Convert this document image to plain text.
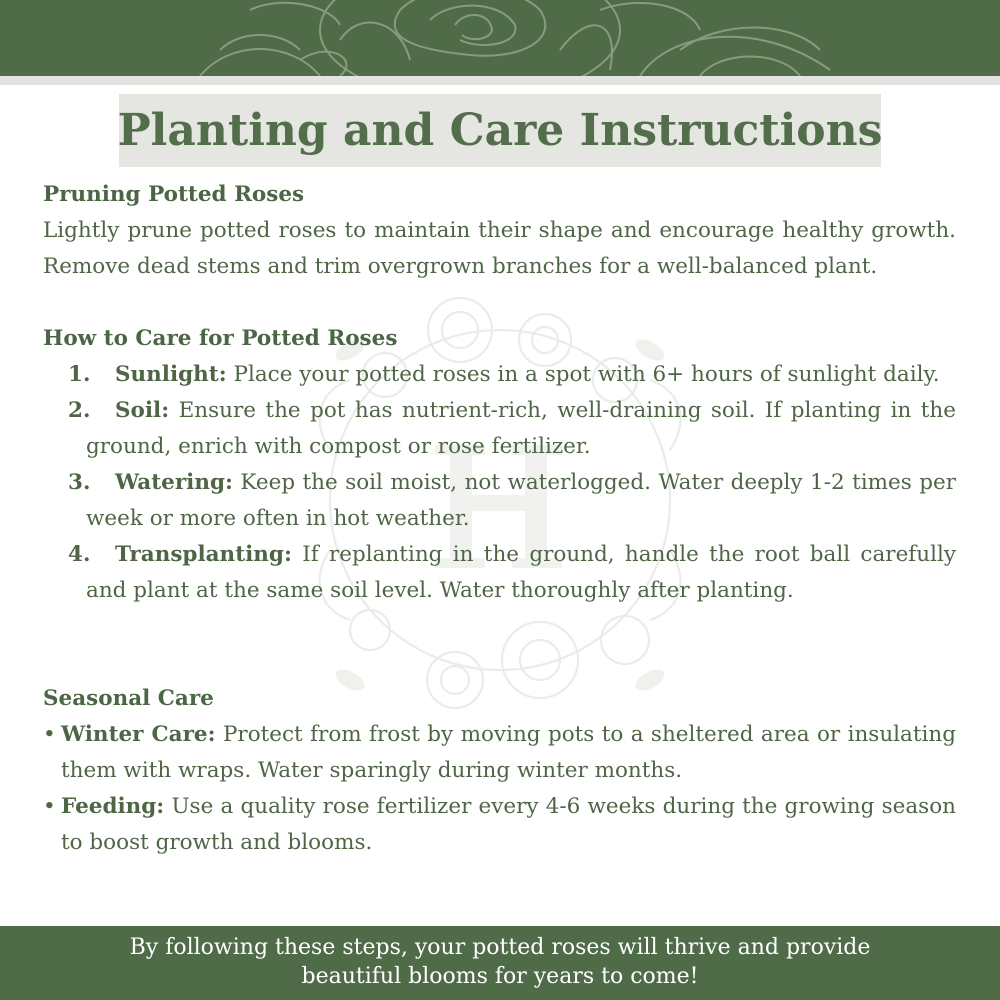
Planting and Care Instructions
Pruning Potted Roses

Lightly prune potted roses to maintain their shape and encourage healthy growth. Remove dead stems and trim overgrown branches for a well-balanced plant.

How to Care for Potted Roses
1. Sunlight: Place your potted roses in a spot with 6+ hours of sunlight daily.
2. Soil: Ensure the pot has nutrient-rich, well-draining soil. If planting in the ground, enrich with compost or rose fertilizer.
3. Watering: Keep the soil moist, not waterlogged. Water deeply 1-2 times per week or more often in hot weather.
4. Transplanting: If replanting in the ground, handle the root ball carefully and plant at the same soil level. Water thoroughly after planting.
Seasonal Care
• Winter Care: Protect from frost by moving pots to a sheltered area or insulating them with wraps. Water sparingly during winter months.
• Feeding: Use a quality rose fertilizer every 4-6 weeks during the growing season to boost growth and blooms.
By following these steps, your potted roses will thrive and provide
beautiful blooms for years to come!
